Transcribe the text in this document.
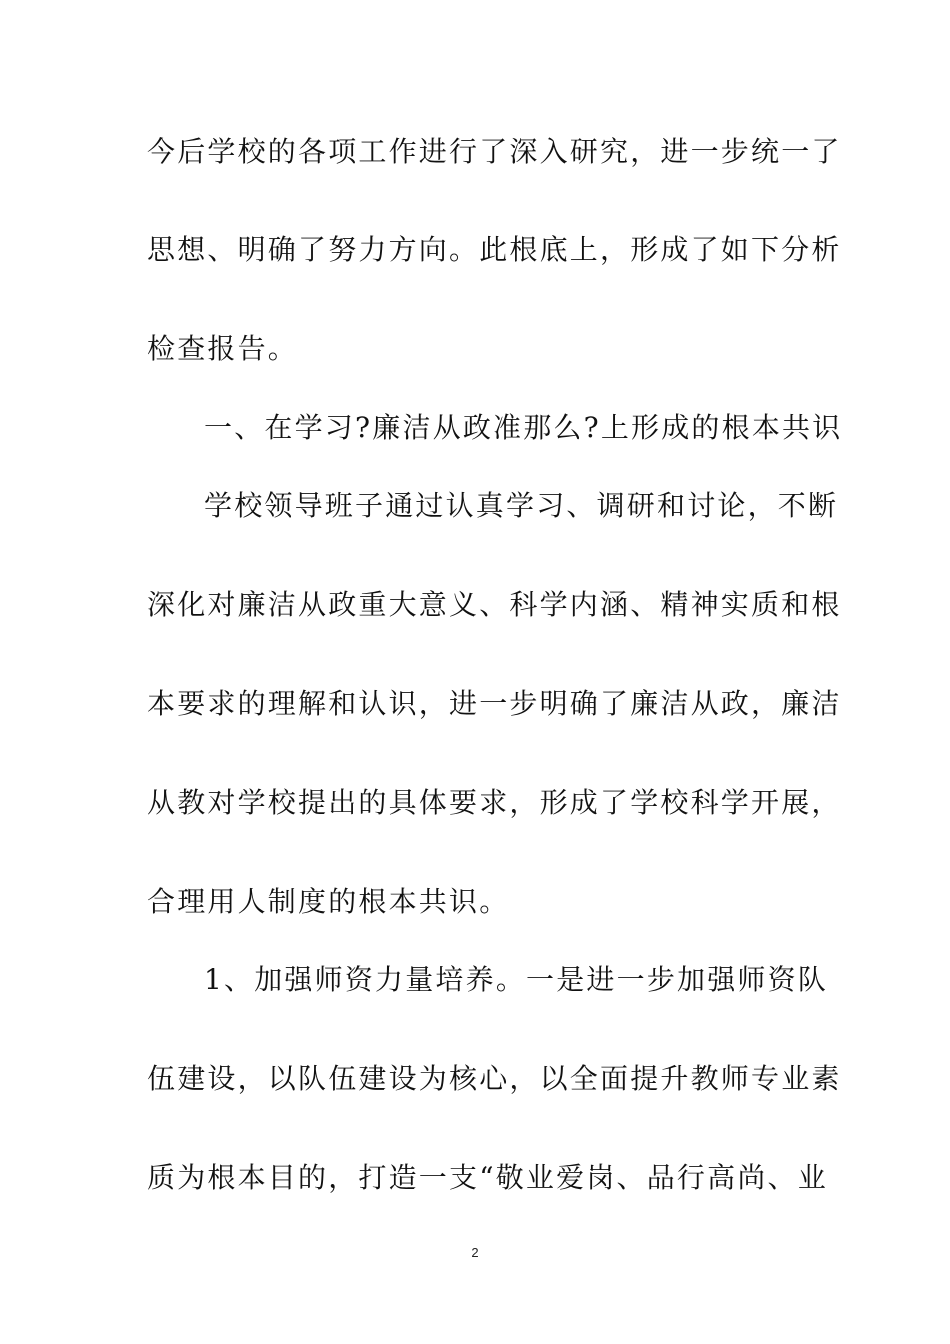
今后学校的各项工作进行了深入研究，进一步统一了
思想、明确了努力方向。此根底上，形成了如下分析
检查报告。
一、在学习?廉洁从政准那么?上形成的根本共识
学校领导班子通过认真学习、调研和讨论，不断
深化对廉洁从政重大意义、科学内涵、精神实质和根
本要求的理解和认识，进一步明确了廉洁从政，廉洁
从教对学校提出的具体要求，形成了学校科学开展，
合理用人制度的根本共识。
1、加强师资力量培养。一是进一步加强师资队
伍建设，以队伍建设为核心，以全面提升教师专业素
质为根本目的，打造一支“敬业爱岗、品行高尚、业
2
